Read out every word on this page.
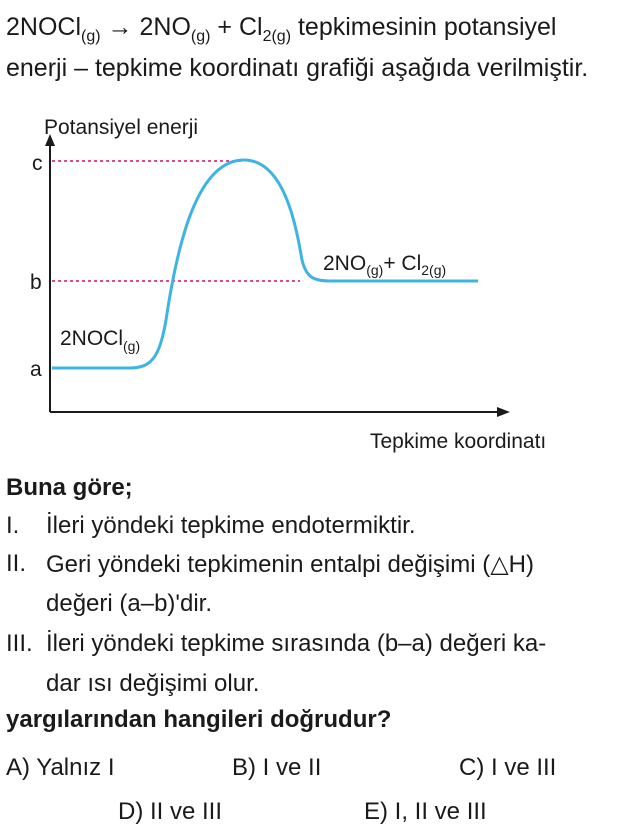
2NOCl$_{(g)}$ → $2NO_{(g)} + Cl_{2(g)}$ tepkimesinin potansiyel
enerji – tepkime koordinatı grafiği aşağıda verilmiştir.
Potansiyel enerji
Tepkime koordinatı
c
b
a
2NOCl$_{(g)}$
$2NO_{(g)}+ Cl_{2(g)}$
Buna göre;
I.	İleri yöndeki tepkime endotermiktir.
II. Geri yöndeki tepkimenin entalpi değişimi (△H)
değeri (a–b)'dir.
III. İleri yöndeki tepkime sırasında (b–a) değeri ka-
dar ısı değişimi olur.
yargılarından hangileri doğrudur?
A) Yalnız I	B) I ve II	C) I ve III
D) II ve III	E) I, II ve III
